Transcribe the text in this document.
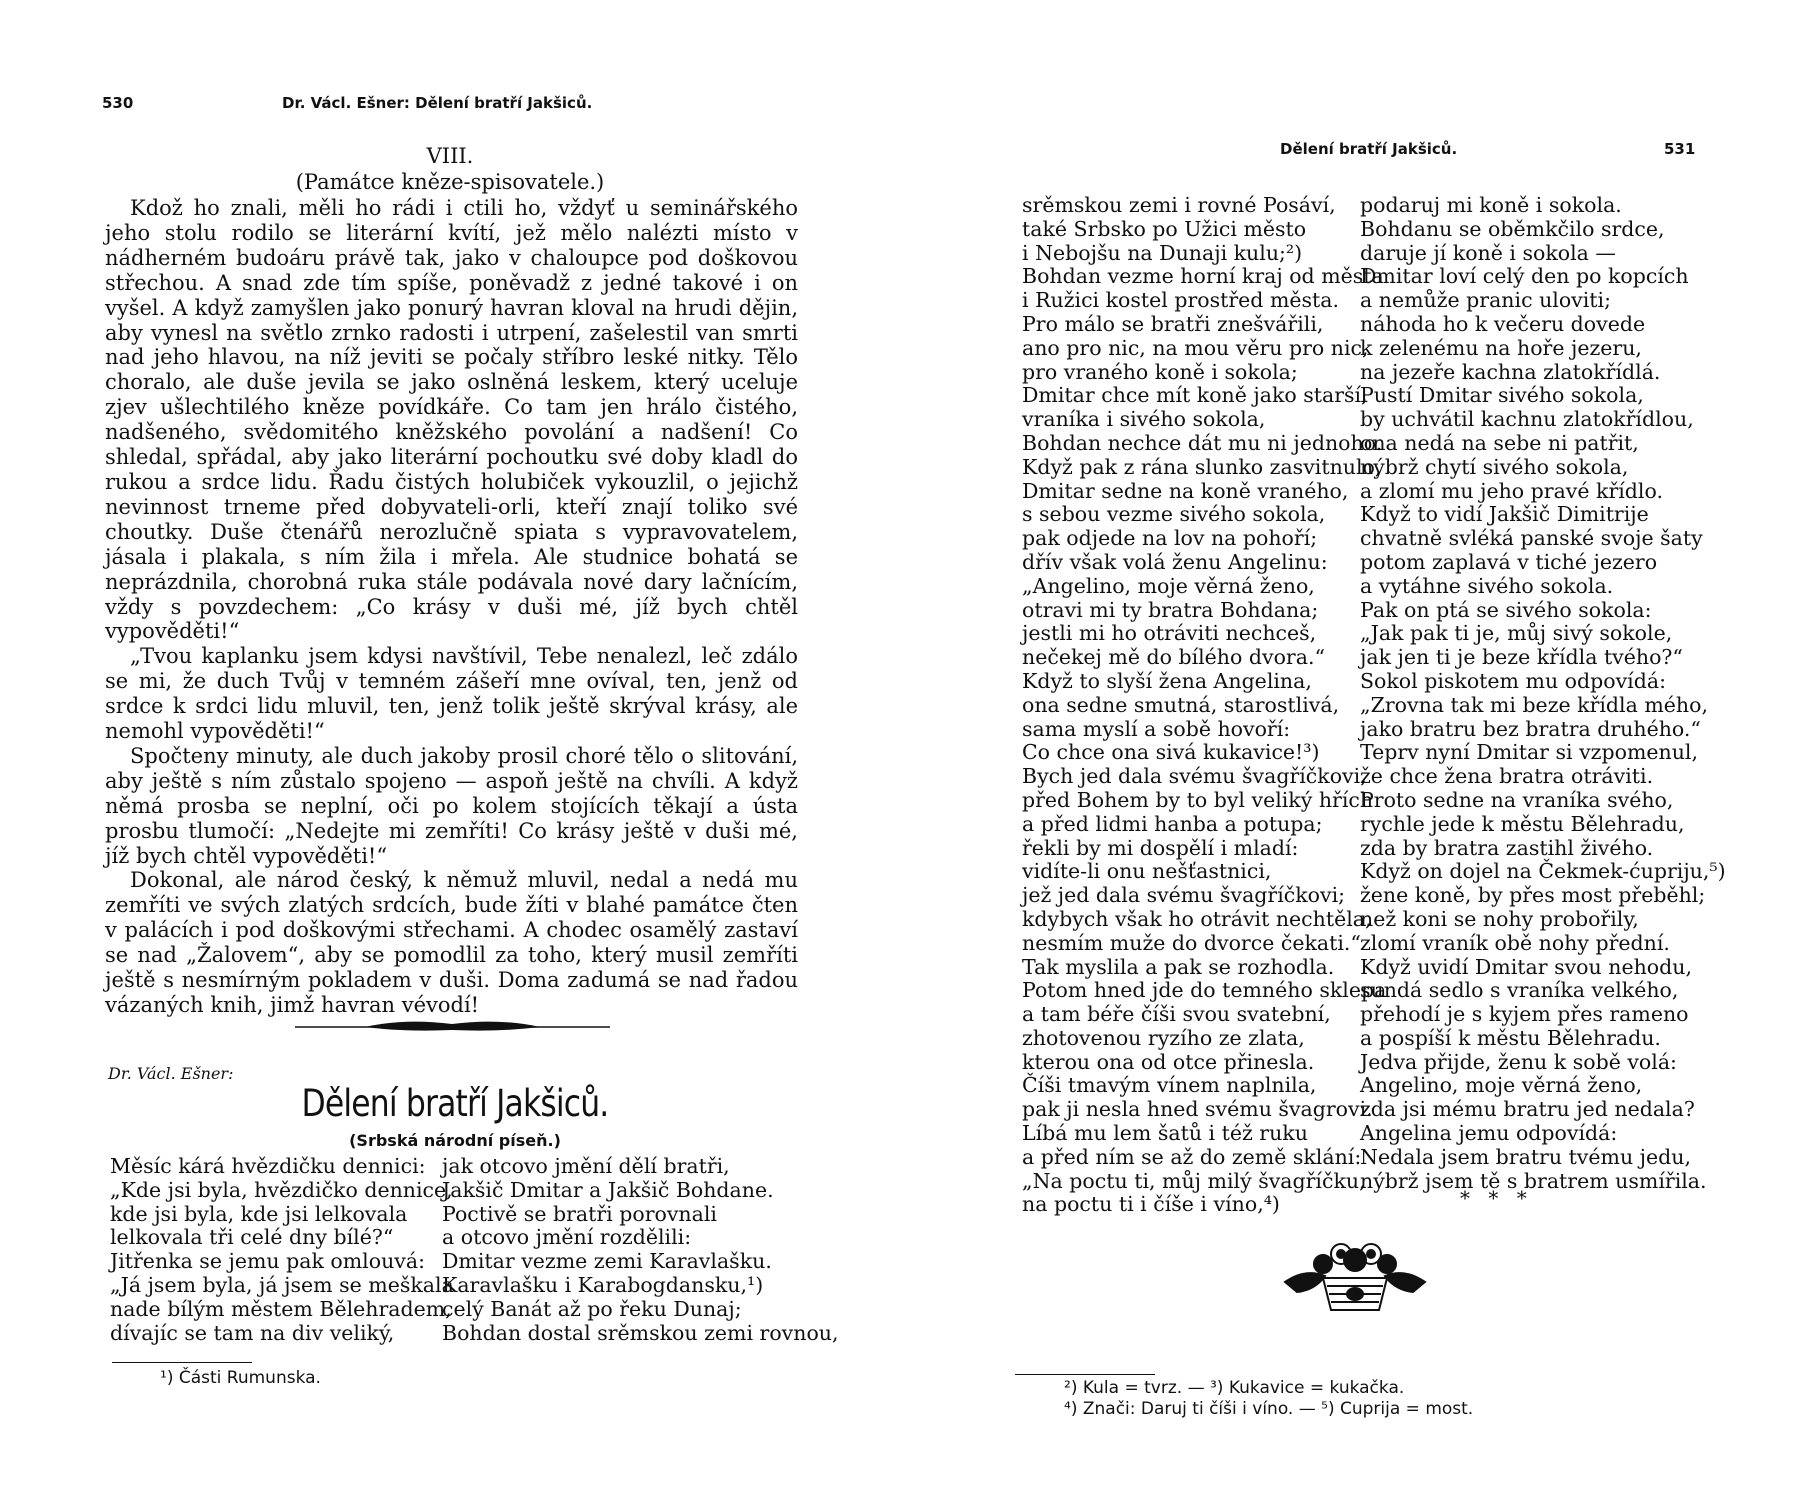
530	Dr. Václ. Ešner: Dělení bratří Jakšiců.
VIII.
(Památce kněze-spisovatele.)

Kdož ho znali, měli ho rádi i ctili ho, vždyť u seminářského jeho stolu rodilo se literární kvítí, jež mělo nalézti místo v nádherném budoáru právě tak, jako v chaloupce pod doškovou střechou. A snad zde tím spíše, poněvadž z jedné takové i on vyšel. A když zamyšlen jako ponurý havran kloval na hrudi dějin, aby vynesl na světlo zrnko radosti i utrpení, zašelestil van smrti nad jeho hlavou, na níž jeviti se počaly stříbro leské nitky. Tělo choralo, ale duše jevila se jako oslněná leskem, který uceluje zjev ušlechtilého kněze povídkáře. Co tam jen hrálo čistého, nadšeného, svědomitého kněžského povolání a nadšení! Co shledal, spřádal, aby jako literární pochoutku své doby kladl do rukou a srdce lidu. Řadu čistých holubiček vykouzlil, o jejichž nevinnost trneme před dobyvateli-orli, kteří znají toliko své choutky. Duše čtenářů nerozlučně spiata s vypravovatelem, jásala i plakala, s ním žila i mřela. Ale studnice bohatá se neprázdnila, chorobná ruka stále podávala nové dary lačnícím, vždy s povzdechem: „Co krásy v duši mé, jíž bych chtěl vypověděti!“

„Tvou kaplanku jsem kdysi navštívil, Tebe nenalezl, leč zdálo se mi, že duch Tvůj v temném zášeří mne ovíval, ten, jenž od srdce k srdci lidu mluvil, ten, jenž tolik ještě skrýval krásy, ale nemohl vypověděti!“

Spočteny minuty, ale duch jakoby prosil choré tělo o slitování, aby ještě s ním zůstalo spojeno — aspoň ještě na chvíli. A když němá prosba se neplní, oči po kolem stojících těkají a ústa prosbu tlumočí: „Nedejte mi zemříti! Co krásy ještě v duši mé, jíž bych chtěl vypověděti!“

Dokonal, ale národ český, k němuž mluvil, nedal a nedá mu zemříti ve svých zlatých srdcích, bude žíti v blahé památce čten v palácích i pod doškovými střechami. A chodec osamělý zastaví se nad „Žalovem“, aby se pomodlil za toho, který musil zemříti ještě s nesmírným pokladem v duši. Doma zadumá se nad řadou vázaných knih, jimž havran vévodí!

Dr. Václ. Ešner:
Dělení bratří Jakšiců.
(Srbská národní píseň.)
Měsíc kárá hvězdičku dennici:
„Kde jsi byla, hvězdičko dennice,
kde jsi byla, kde jsi lelkovala
lelkovala tři celé dny bílé?“
Jitřenka se jemu pak omlouvá:
„Já jsem byla, já jsem se meškala
nade bílým městem Bělehradem,
dívajíc se tam na div veliký,
jak otcovo jmění dělí bratři,
Jakšič Dmitar a Jakšič Bohdane.
Poctivě se bratři porovnali
a otcovo jmění rozdělili:
Dmitar vezme zemi Karavlašku.
Karavlašku i Karabogdansku,¹)
celý Banát až po řeku Dunaj;
Bohdan dostal srěmskou zemi rovnou,
¹) Části Rumunska.
Dělení bratří Jakšiců.	531
srěmskou zemi i rovné Posáví,
také Srbsko po Užici město
i Nebojšu na Dunaji kulu;²)
Bohdan vezme horní kraj od města
i Ružici kostel prostřed města.
Pro málo se bratři znešvářili,
ano pro nic, na mou věru pro nic,
pro vraného koně i sokola;
Dmitar chce mít koně jako starší,
vraníka i sivého sokola,
Bohdan nechce dát mu ni jednoho.
Když pak z rána slunko zasvitnulo,
Dmitar sedne na koně vraného,
s sebou vezme sivého sokola,
pak odjede na lov na pohoří;
dřív však volá ženu Angelinu:
„Angelino, moje věrná ženo,
otravi mi ty bratra Bohdana;
jestli mi ho otráviti nechceš,
nečekej mě do bílého dvora.“
Když to slyší žena Angelina,
ona sedne smutná, starostlivá,
sama myslí a sobě hovoří:
Co chce ona sivá kukavice!³)
Bych jed dala svému švagříčkovi,
před Bohem by to byl veliký hřích
a před lidmi hanba a potupa;
řekli by mi dospělí i mladí:
vidíte-li onu nešťastnici,
jež jed dala svému švagříčkovi;
kdybych však ho otrávit nechtěla,
nesmím muže do dvorce čekati.“
Tak myslila a pak se rozhodla.
Potom hned jde do temného sklepa
a tam béře číši svou svatební,
zhotovenou ryzího ze zlata,
kterou ona od otce přinesla.
Číši tmavým vínem naplnila,
pak ji nesla hned svému švagrovi.
Líbá mu lem šatů i též ruku
a před ním se až do země sklání:
„Na poctu ti, můj milý švagříčku,
na poctu ti i číše i víno,⁴)
podaruj mi koně i sokola.
Bohdanu se oběmkčilo srdce,
daruje jí koně i sokola —
Dmitar loví celý den po kopcích
a nemůže pranic uloviti;
náhoda ho k večeru dovede
k zelenému na hoře jezeru,
na jezeře kachna zlatokřídlá.
Pustí Dmitar sivého sokola,
by uchvátil kachnu zlatokřídlou,
ona nedá na sebe ni patřit,
nýbrž chytí sivého sokola,
a zlomí mu jeho pravé křídlo.
Když to vidí Jakšič Dimitrije
chvatně svléká panské svoje šaty
potom zaplavá v tiché jezero
a vytáhne sivého sokola.
Pak on ptá se sivého sokola:
„Jak pak ti je, můj sivý sokole,
jak jen ti je beze křídla tvého?“
Sokol piskotem mu odpovídá:
„Zrovna tak mi beze křídla mého,
jako bratru bez bratra druhého.“
Teprv nyní Dmitar si vzpomenul,
že chce žena bratra otráviti.
Proto sedne na vraníka svého,
rychle jede k městu Bělehradu,
zda by bratra zastihl živého.
Když on dojel na Čekmek-ćupriju,⁵)
žene koně, by přes most přeběhl;
než koni se nohy probořily,
zlomí vraník obě nohy přední.
Když uvidí Dmitar svou nehodu,
sundá sedlo s vraníka velkého,
přehodí je s kyjem přes rameno
a pospíší k městu Bělehradu.
Jedva přijde, ženu k sobě volá:
Angelino, moje věrná ženo,
zda jsi mému bratru jed nedala?
Angelina jemu odpovídá:
Nedala jsem bratru tvému jedu,
nýbrž jsem tě s bratrem usmířila.
* * *
²) Kula = tvrz. — ³) Kukavice = kukačka.
⁴) Znači: Daruj ti číši i víno. — ⁵) Cuprija = most.
